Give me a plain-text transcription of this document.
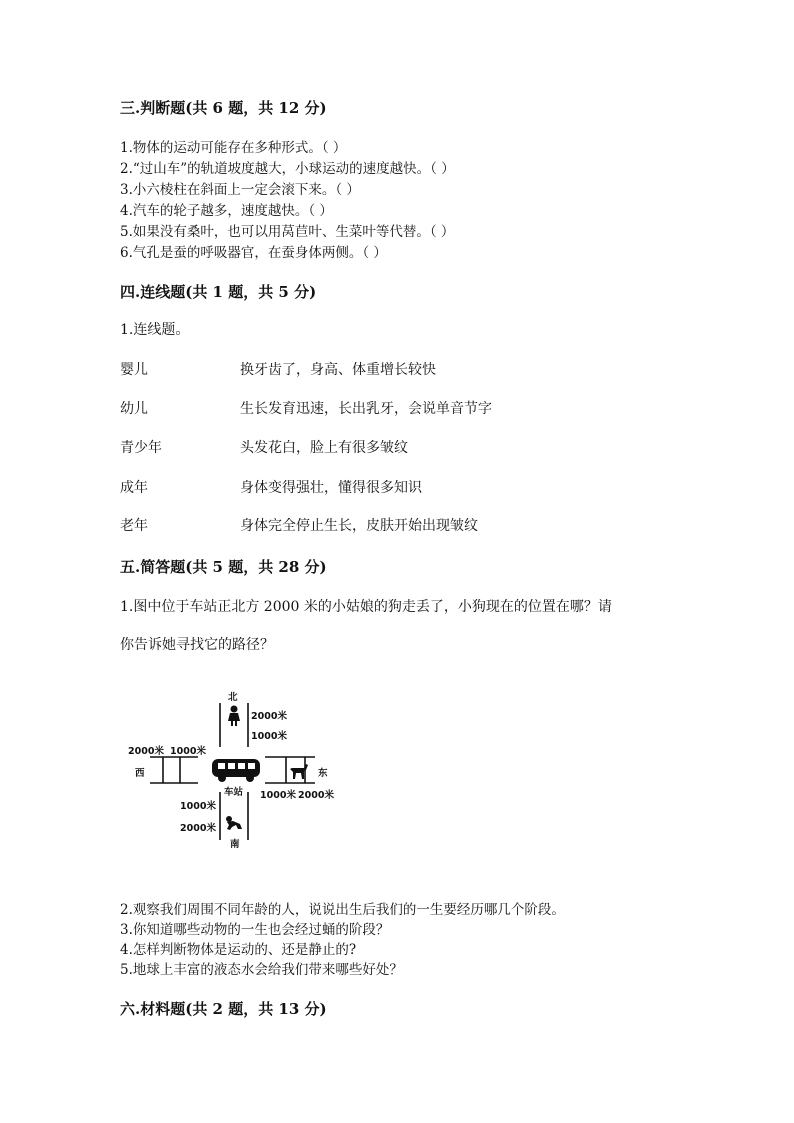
三.判断题(共 6 题，共 12 分)
1.物体的运动可能存在多种形式。（ ）
2.“过山车”的轨道坡度越大，小球运动的速度越快。（ ）
3.小六棱柱在斜面上一定会滚下来。（ ）
4.汽车的轮子越多，速度越快。（ ）
5.如果没有桑叶，也可以用莴苣叶、生菜叶等代替。（ ）
6.气孔是蚕的呼吸器官，在蚕身体两侧。（ ）
四.连线题(共 1 题，共 5 分)
1.连线题。
婴儿	换牙齿了，身高、体重增长较快
幼儿	生长发育迅速，长出乳牙，会说单音节字
青少年	头发花白，脸上有很多皱纹
成年	身体变得强壮，懂得很多知识
老年	身体完全停止生长，皮肤开始出现皱纹
五.简答题(共 5 题，共 28 分)
1.图中位于车站正北方 2000 米的小姑娘的狗走丢了，小狗现在的位置在哪？请
你告诉她寻找它的路径？
北
2000米
1000米
2000米 1000米
西	东
1000米 2000米
车站
1000米
2000米
南
2.观察我们周围不同年龄的人，说说出生后我们的一生要经历哪几个阶段。
3.你知道哪些动物的一生也会经过蛹的阶段？
4.怎样判断物体是运动的、还是静止的?
5.地球上丰富的液态水会给我们带来哪些好处？
六.材料题(共 2 题，共 13 分)
